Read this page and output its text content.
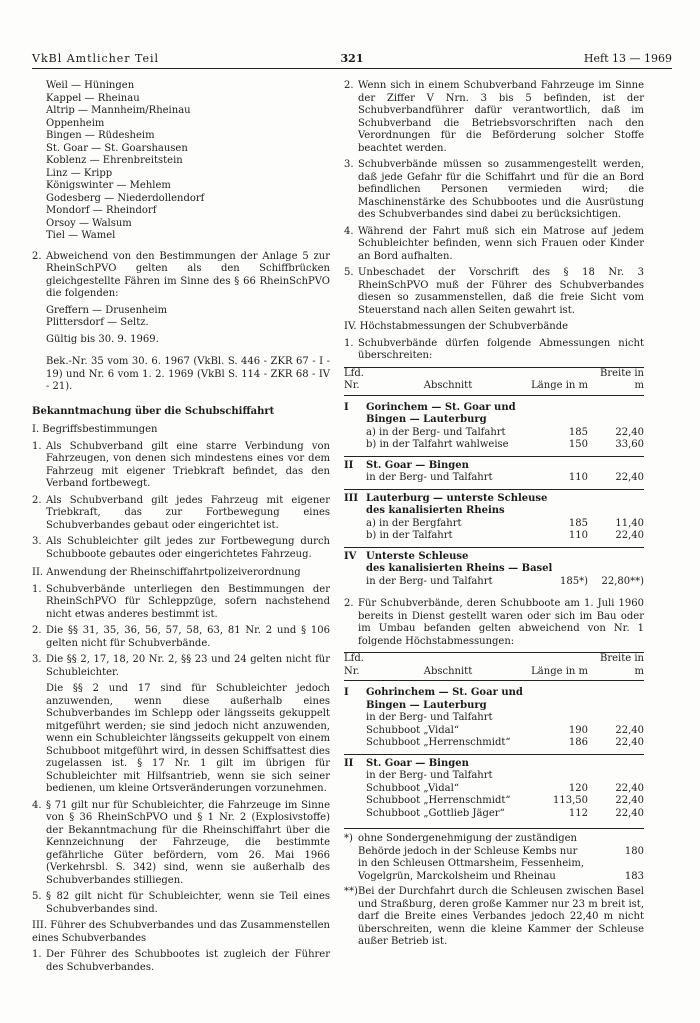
VkBl Amtlicher Teil	321	Heft 13 — 1969

Weil — Hüningen

Kappel — Rheinau

Altrip — Mannheim/Rheinau

Oppenheim

Bingen — Rüdesheim

St. Goar — St. Goarshausen

Koblenz — Ehrenbreitstein

Linz — Kripp

Königswinter — Mehlem

Godesberg — Niederdollendorf

Mondorf — Rheindorf

Orsoy — Walsum

Tiel — Wamel

2. Abweichend von den Bestimmungen der Anlage 5 zur RheinSchPVO gelten als den Schiffbrücken gleichgestellte Fähren im Sinne des § 66 RheinSchPVO die folgenden:

Greffern — Drusenheim

Plittersdorf — Seltz.

Gültig bis 30. 9. 1969.

Bek.-Nr. 35 vom 30. 6. 1967 (VkBl. S. 446 - ZKR 67 - I - 19) und Nr. 6 vom 1. 2. 1969 (VkBl S. 114 - ZKR 68 - IV - 21).

Bekanntmachung über die Schubschiffahrt

I. Begriffsbestimmungen

1. Als Schubverband gilt eine starre Verbindung von Fahrzeugen, von denen sich mindestens eines vor dem Fahrzeug mit eigener Triebkraft befindet, das den Verband fortbewegt.
2. Als Schubverband gilt jedes Fahrzeug mit eigener Triebkraft, das zur Fortbewegung eines Schubverbandes gebaut oder eingerichtet ist.
3. Als Schubleichter gilt jedes zur Fortbewegung durch Schubboote gebautes oder eingerichtetes Fahrzeug.

II. Anwendung der Rheinschiffahrtpolizeiverordnung

1. Schubverbände unterliegen den Bestimmungen der RheinSchPVO für Schleppzüge, sofern nachstehend nicht etwas anderes bestimmt ist.
2. Die §§ 31, 35, 36, 56, 57, 58, 63, 81 Nr. 2 und § 106 gelten nicht für Schubverbände.
3. Die §§ 2, 17, 18, 20 Nr. 2, §§ 23 und 24 gelten nicht für Schubleichter.

Die §§ 2 und 17 sind für Schubleichter jedoch anzuwenden, wenn diese außerhalb eines Schubverbandes im Schlepp oder längsseits gekuppelt mitgeführt werden; sie sind jedoch nicht anzuwenden, wenn ein Schubleichter längsseits gekuppelt von einem Schubboot mitgeführt wird, in dessen Schiffsattest dies zugelassen ist. § 17 Nr. 1 gilt im übrigen für Schubleichter mit Hilfsantrieb, wenn sie sich seiner bedienen, um kleine Ortsveränderungen vorzunehmen.

4. § 71 gilt nur für Schubleichter, die Fahrzeuge im Sinne von § 36 RheinSchPVO und § 1 Nr. 2 (Explosivstoffe) der Bekanntmachung für die Rheinschiffahrt über die Kennzeichnung der Fahrzeuge, die bestimmte gefährliche Güter befördern, vom 26. Mai 1966 (Verkehrsbl. S. 342) sind, wenn sie außerhalb des Schubverbandes stilliegen.
5. § 82 gilt nicht für Schubleichter, wenn sie Teil eines Schubverbandes sind.
III. Führer des Schubverbandes und das Zusammenstellen eines Schubverbandes
1. Der Führer des Schubbootes ist zugleich der Führer des Schubverbandes.
2. Wenn sich in einem Schubverband Fahrzeuge im Sinne der Ziffer V Nrn. 3 bis 5 befinden, ist der Schubverbandführer dafür verantwortlich, daß im Schubverband die Betriebsvorschriften nach den Verordnungen für die Beförderung solcher Stoffe beachtet werden.
3. Schubverbände müssen so zusammengestellt werden, daß jede Gefahr für die Schiffahrt und für die an Bord befindlichen Personen vermieden wird; die Maschinenstärke des Schubbootes und die Ausrüstung des Schubverbandes sind dabei zu berücksichtigen.
4. Während der Fahrt muß sich ein Matrose auf jedem Schubleichter befinden, wenn sich Frauen oder Kinder an Bord aufhalten.
5. Unbeschadet der Vorschrift des § 18 Nr. 3 RheinSchPVO muß der Führer des Schubverbandes diesen so zusammenstellen, daß die freie Sicht vom Steuerstand nach allen Seiten gewahrt ist.

IV. Höchstabmessungen der Schubverbände

1. Schubverbände dürfen folgende Abmessungen nicht überschreiten:
Lfd.
Nr.	Abschnitt	Länge in m	Breite in m

I	Gorinchem — St. Goar und
Bingen — Lauterburg		
	a) in der Berg- und Talfahrt	185	22,40
	b) in der Talfahrt wahlweise	150	33,60

II	St. Goar — Bingen		
	in der Berg- und Talfahrt	110	22,40

III	Lauterburg — unterste Schleuse
des kanalisierten Rheins		
	a) in der Bergfahrt	185	11,40
	b) in der Talfahrt	110	22,40

IV	Unterste Schleuse
des kanalisierten Rheins — Basel		
	in der Berg- und Talfahrt	185*)	22,80**)

2. Für Schubverbände, deren Schubboote am 1. Juli 1960 bereits in Dienst gestellt waren oder sich im Bau oder im Umbau befanden gelten abweichend von Nr. 1 folgende Höchstabmessungen:
Lfd.
Nr.	Abschnitt	Länge in m	Breite in m

I	Gohrinchem — St. Goar und
Bingen — Lauterburg		
	in der Berg- und Talfahrt		
	Schubboot „Vidal“	190	22,40
	Schubboot „Herrenschmidt“	186	22,40

II	St. Goar — Bingen		
	in der Berg- und Talfahrt		
	Schubboot „Vidal“	120	22,40
	Schubboot „Herrenschmidt“	113,50	22,40
	Schubboot „Gottlieb Jäger“	112	22,40

*) ohne Sondergenehmigung der zuständigen
Behörde jedoch in der Schleuse Kembs nur	180
in den Schleusen Ottmarsheim, Fessenheim,
Vogelgrün, Marckolsheim und Rheinau	183
**) Bei der Durchfahrt durch die Schleusen zwischen Basel und Straßburg, deren große Kammer nur 23 m breit ist, darf die Breite eines Verbandes jedoch 22,40 m nicht überschreiten, wenn die kleine Kammer der Schleuse außer Betrieb ist.
